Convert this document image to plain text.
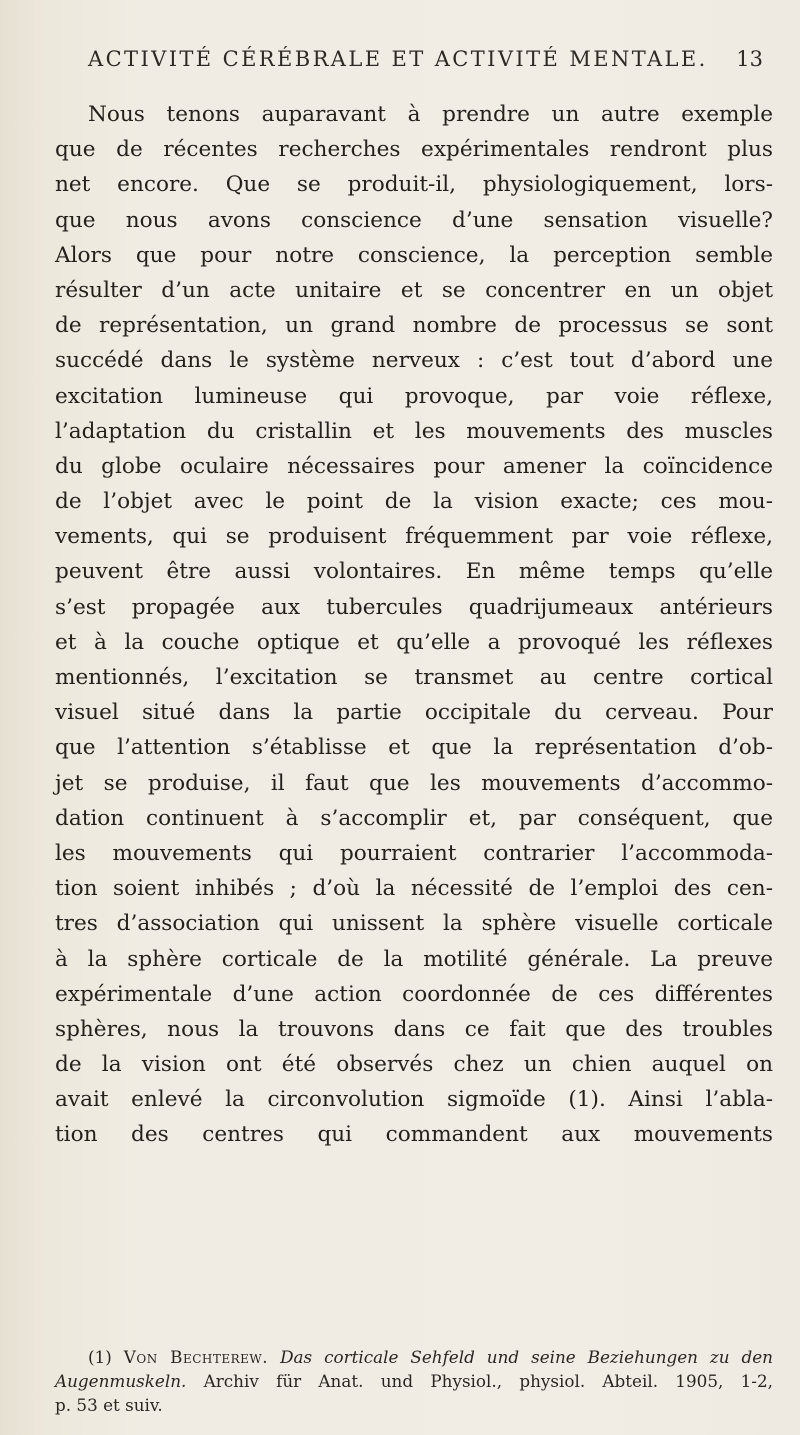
ACTIVITÉ CÉRÉBRALE ET ACTIVITÉ MENTALE. 13
Nous tenons auparavant à prendre un autre exemple
que de récentes recherches expérimentales rendront plus
net encore. Que se produit-il, physiologiquement, lors-
que nous avons conscience d’une sensation visuelle?
Alors que pour notre conscience, la perception semble
résulter d’un acte unitaire et se concentrer en un objet
de représentation, un grand nombre de processus se sont
succédé dans le système nerveux : c’est tout d’abord une
excitation lumineuse qui provoque, par voie réflexe,
l’adaptation du cristallin et les mouvements des muscles
du globe oculaire nécessaires pour amener la coïncidence
de l’objet avec le point de la vision exacte; ces mou-
vements, qui se produisent fréquemment par voie réflexe,
peuvent être aussi volontaires. En même temps qu’elle
s’est propagée aux tubercules quadrijumeaux antérieurs
et à la couche optique et qu’elle a provoqué les réflexes
mentionnés, l’excitation se transmet au centre cortical
visuel situé dans la partie occipitale du cerveau. Pour
que l’attention s’établisse et que la représentation d’ob-
jet se produise, il faut que les mouvements d’accommo-
dation continuent à s’accomplir et, par conséquent, que
les mouvements qui pourraient contrarier l’accommoda-
tion soient inhibés ; d’où la nécessité de l’emploi des cen-
tres d’association qui unissent la sphère visuelle corticale
à la sphère corticale de la motilité générale. La preuve
expérimentale d’une action coordonnée de ces différentes
sphères, nous la trouvons dans ce fait que des troubles
de la vision ont été observés chez un chien auquel on
avait enlevé la circonvolution sigmoïde (1). Ainsi l’abla-
tion des centres qui commandent aux mouvements
(1) Von Bechterew. Das corticale Sehfeld und seine Beziehungen zu den
Augenmuskeln. Archiv für Anat. und Physiol., physiol. Abteil. 1905, 1-2,
p. 53 et suiv.
